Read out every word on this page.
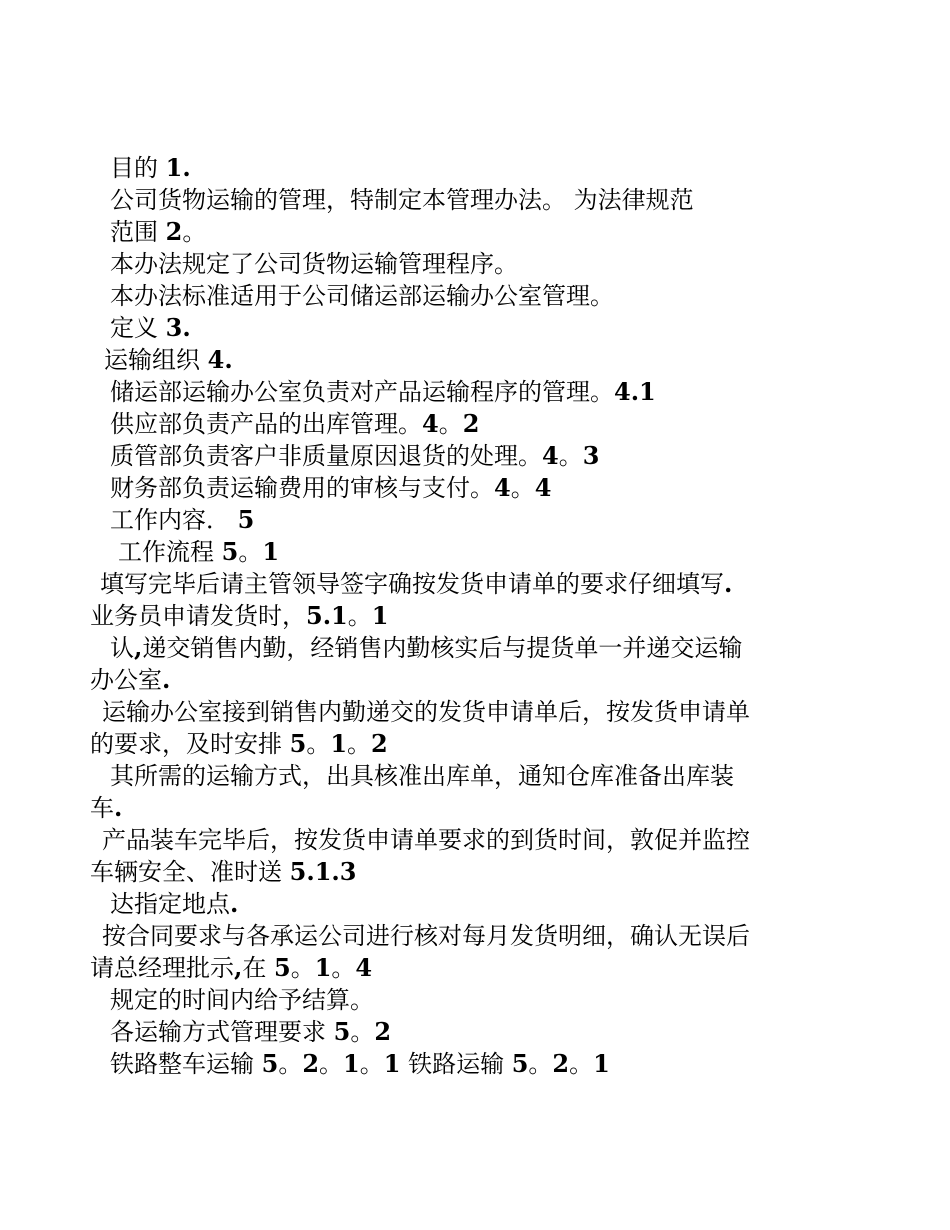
目的 1.
公司货物运输的管理，特制定本管理办法。 为法律规范
范围 2。
本办法规定了公司货物运输管理程序。
本办法标准适用于公司储运部运输办公室管理。
定义 3.
运输组织 4.
储运部运输办公室负责对产品运输程序的管理。4.1
供应部负责产品的出库管理。4。2
质管部负责客户非质量原因退货的处理。4。3
财务部负责运输费用的审核与支付。4。4
工作内容． 5
工作流程 5。1
填写完毕后请主管领导签字确按发货申请单的要求仔细填写.
业务员申请发货时，5.1。1
认,递交销售内勤，经销售内勤核实后与提货单一并递交运输
办公室.
运输办公室接到销售内勤递交的发货申请单后，按发货申请单
的要求，及时安排 5。1。2
其所需的运输方式，出具核准出库单，通知仓库准备出库装
车.
产品装车完毕后，按发货申请单要求的到货时间，敦促并监控
车辆安全、准时送 5.1.3
达指定地点.
按合同要求与各承运公司进行核对每月发货明细，确认无误后
请总经理批示,在 5。1。4
规定的时间内给予结算。
各运输方式管理要求 5。2
铁路整车运输 5。2。1。1 铁路运输 5。2。1
